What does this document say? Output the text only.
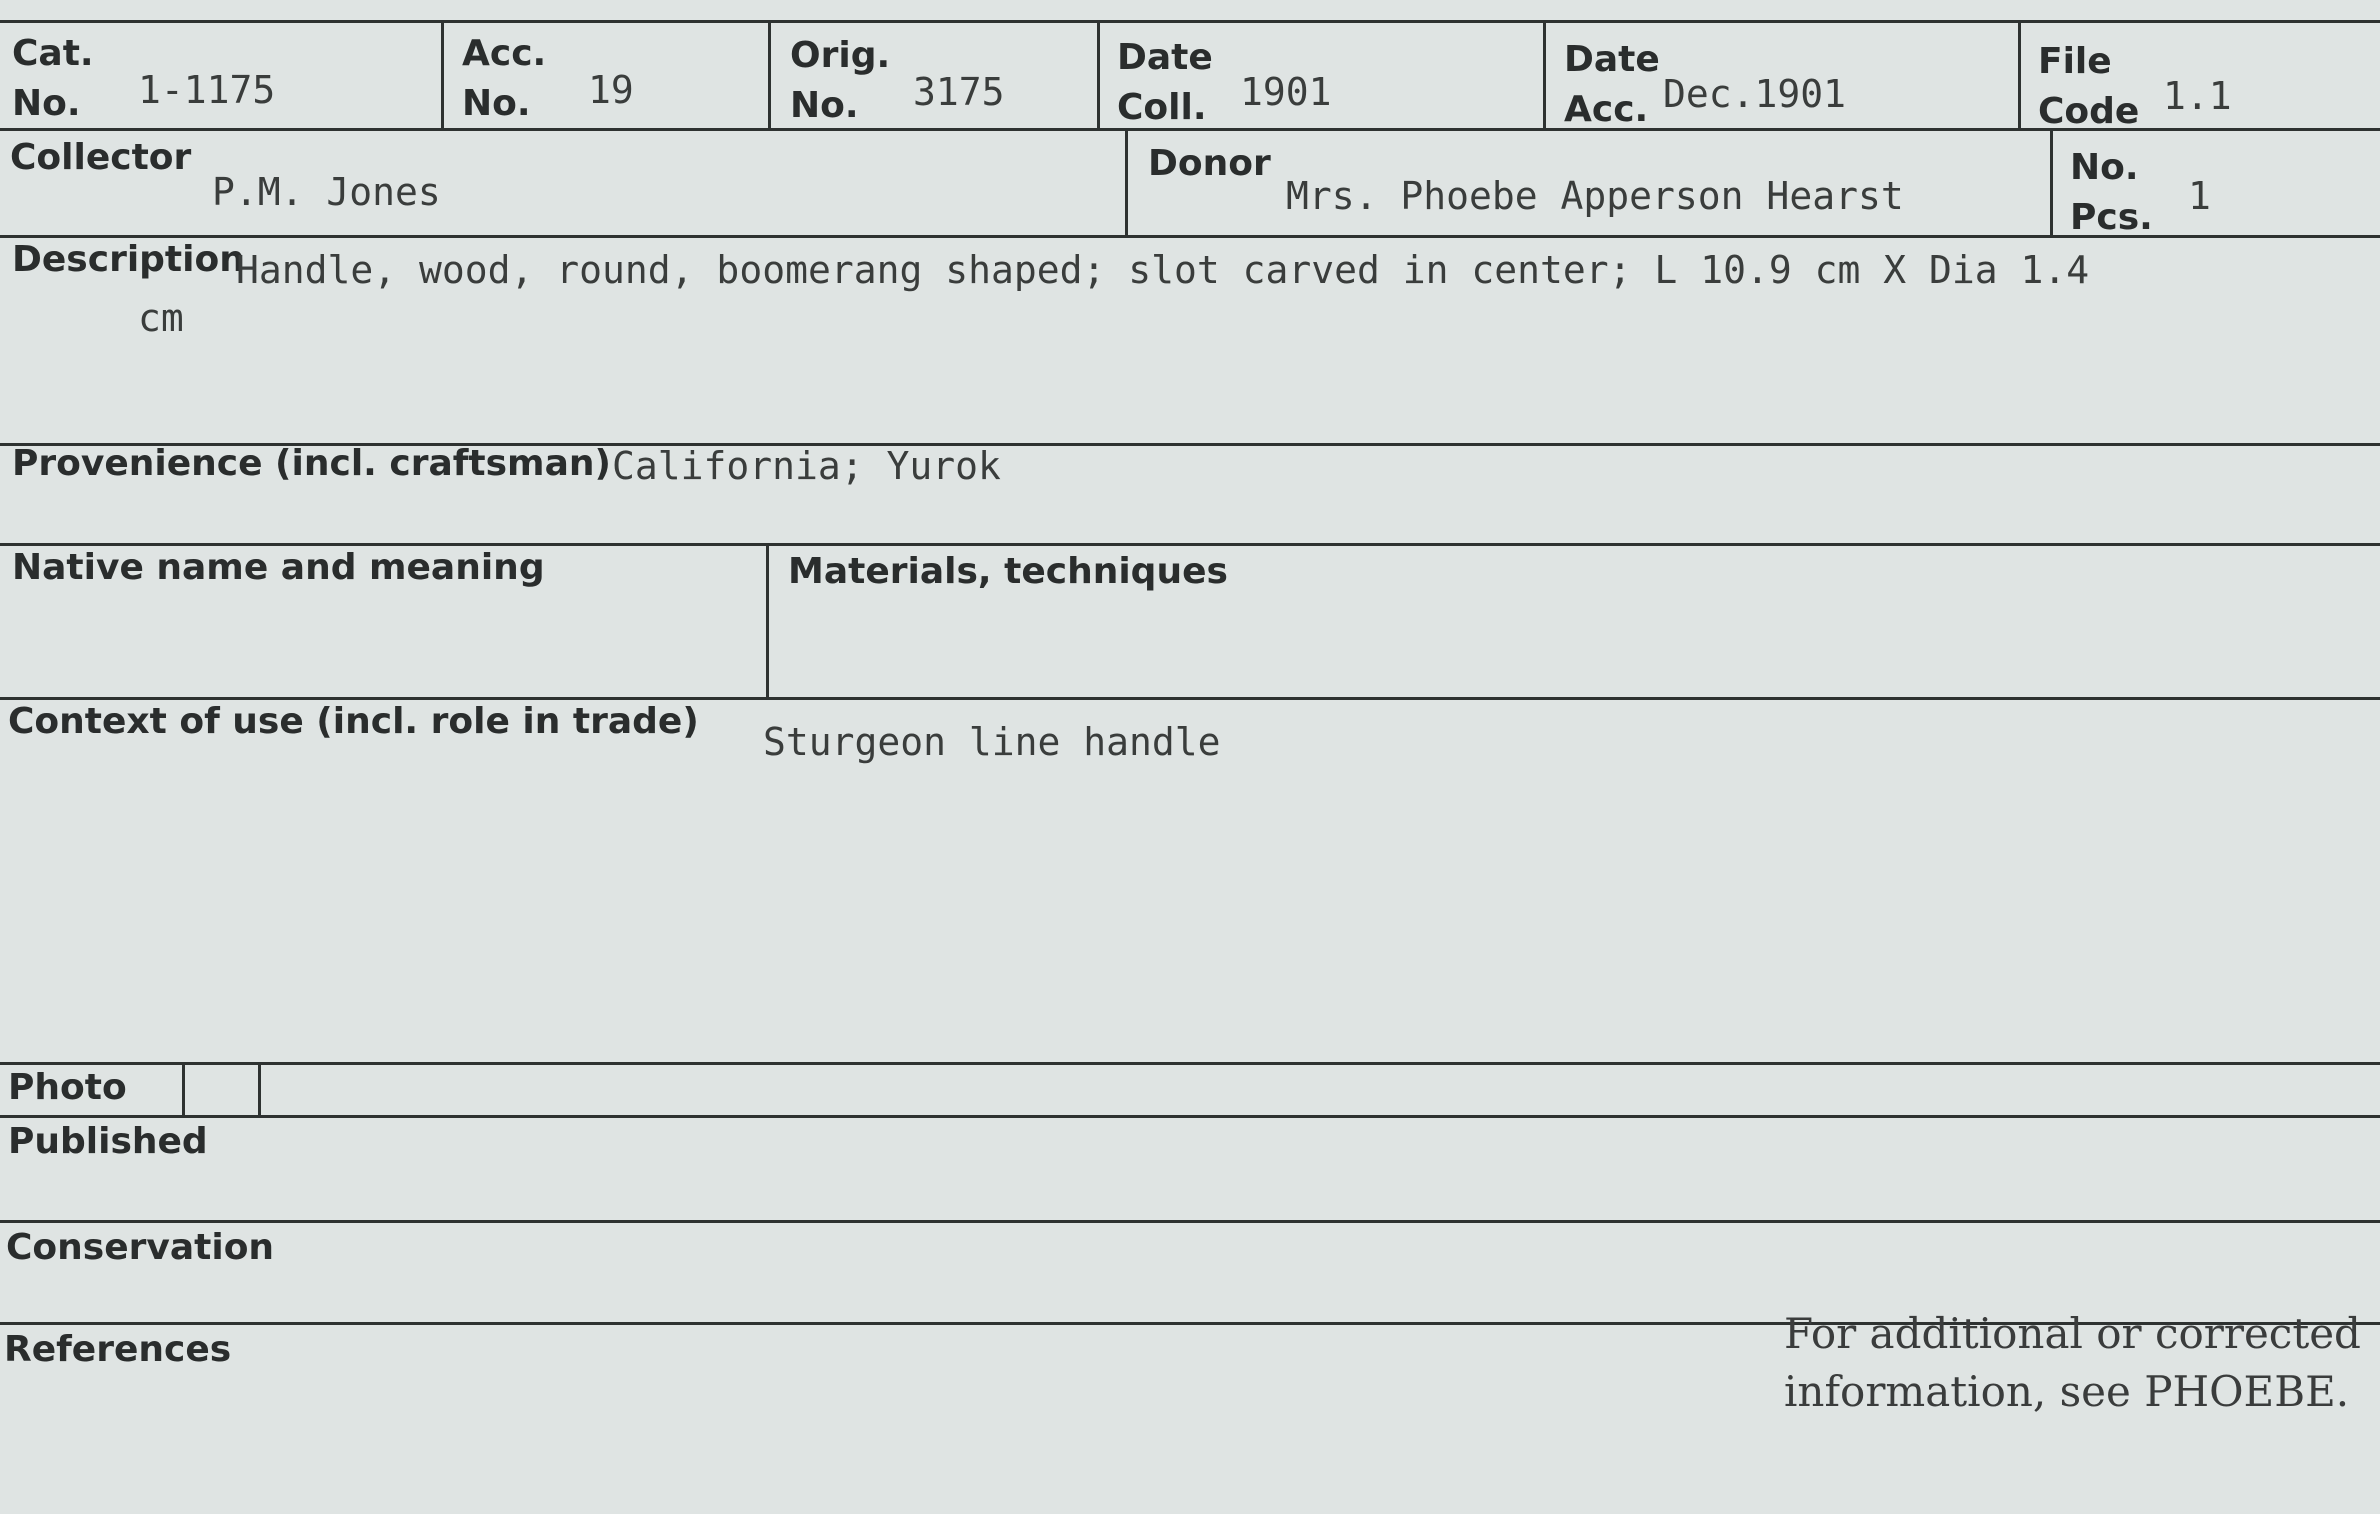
Cat.
No. 1-1175
Acc.
No. 19
Orig.
No. 3175
Date
Coll. 1901
Date
Acc. Dec.1901
File
Code 1.1
Collector
P.M. Jones
Donor
Mrs. Phoebe Apperson Hearst
No.
Pcs. 1
Description
Handle, wood, round, boomerang shaped; slot carved in center; L 10.9 cm X Dia 1.4
cm
Provenience (incl. craftsman) California; Yurok
Native name and meaning	Materials, techniques
Context of use (incl. role in trade) Sturgeon line handle
Photo
Published
Conservation
References	For additional or corrected
information, see PHOEBE.
